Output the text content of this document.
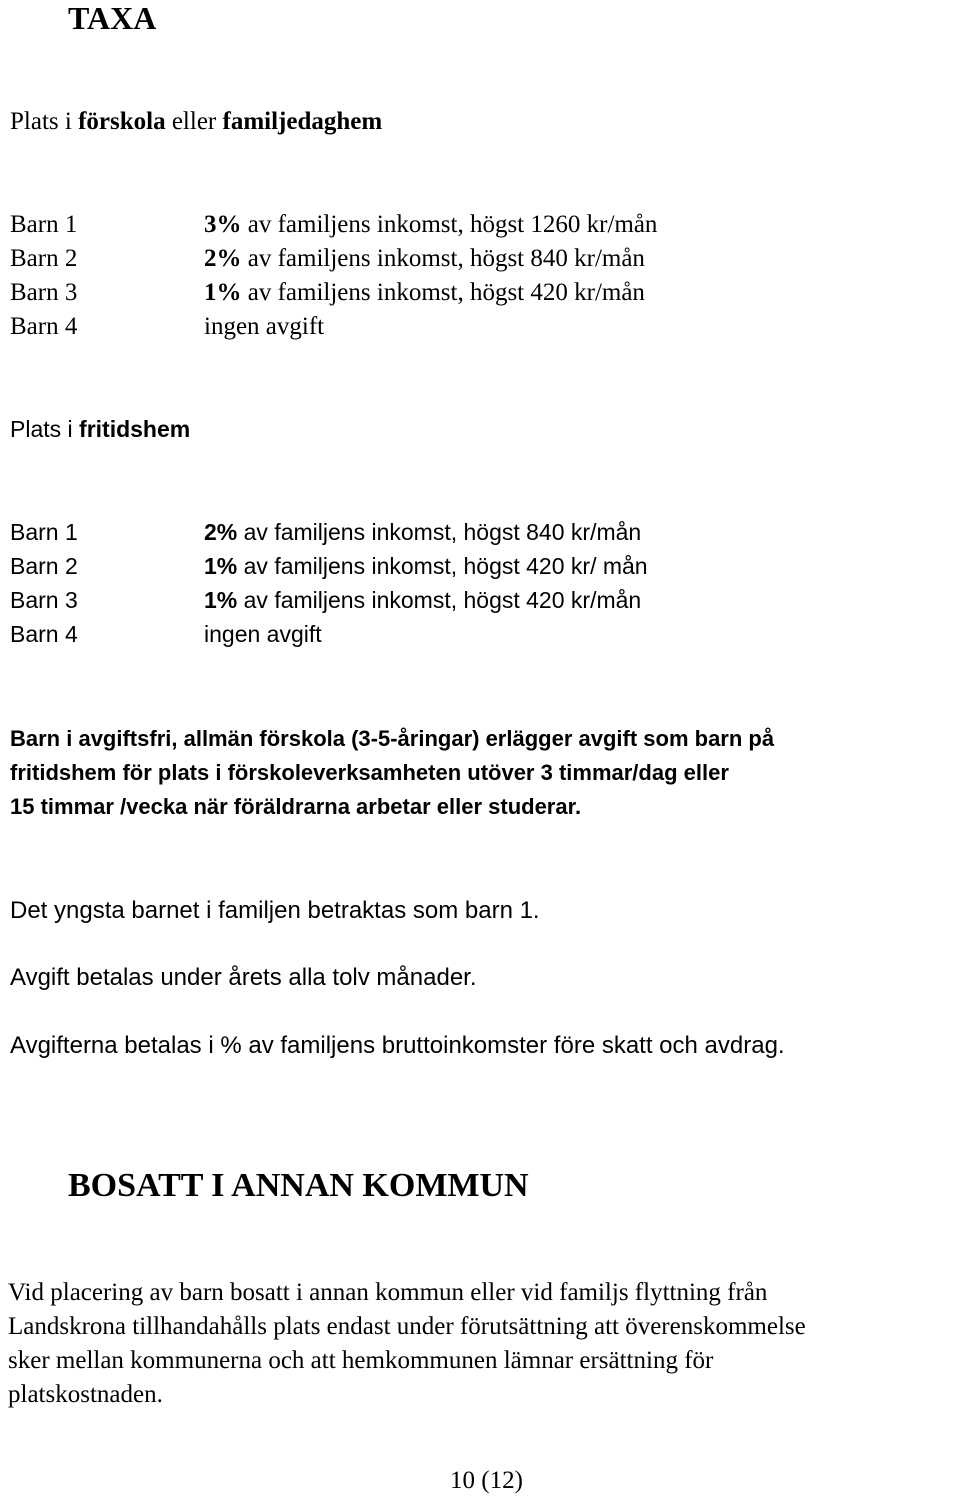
TAXA
Plats i förskola eller familjedaghem
Barn 1	3% av familjens inkomst, högst 1260 kr/mån
Barn 2	2% av familjens inkomst, högst 840 kr/mån
Barn 3	1% av familjens inkomst, högst 420 kr/mån
Barn 4	ingen avgift
Plats i fritidshem
Barn 1	2% av familjens inkomst, högst 840 kr/mån
Barn 2	1% av familjens inkomst, högst 420 kr/ mån
Barn 3	1% av familjens inkomst, högst 420 kr/mån
Barn 4	ingen avgift
Barn i avgiftsfri, allmän förskola (3-5-åringar) erlägger avgift som barn på
fritidshem för plats i förskoleverksamheten utöver 3 timmar/dag eller
15 timmar /vecka när föräldrarna arbetar eller studerar.
Det yngsta barnet i familjen betraktas som barn 1.
Avgift betalas under årets alla tolv månader.
Avgifterna betalas i % av familjens bruttoinkomster före skatt och avdrag.
BOSATT I ANNAN KOMMUN
Vid placering av barn bosatt i annan kommun eller vid familjs flyttning från
Landskrona tillhandahålls plats endast under förutsättning att överenskommelse
sker mellan kommunerna och att hemkommunen lämnar ersättning för
platskostnaden.
10 (12)
